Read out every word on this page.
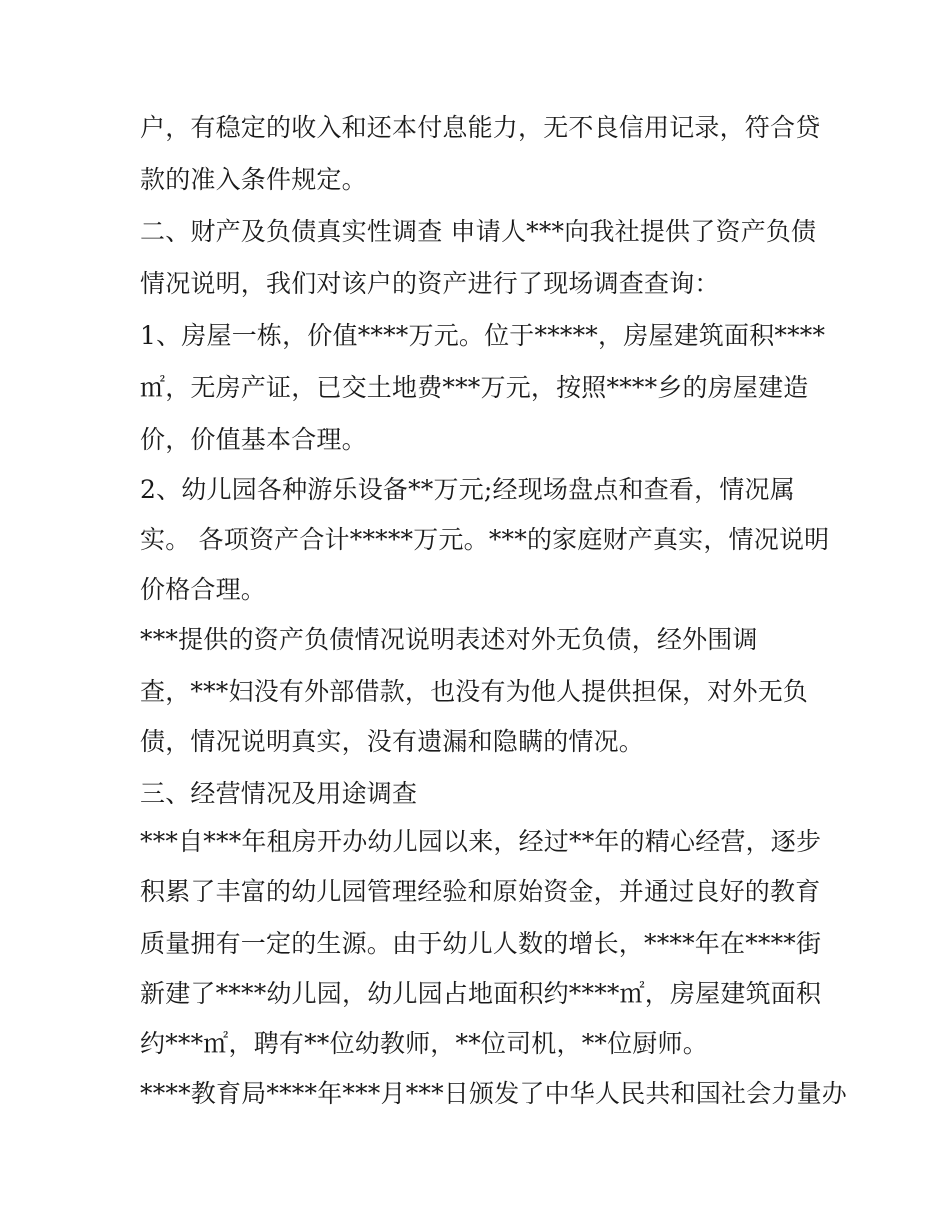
户，有稳定的收入和还本付息能力，无不良信用记录，符合贷
款的准入条件规定。
二、财产及负债真实性调查 申请人***向我社提供了资产负债
情况说明，我们对该户的资产进行了现场调查查询：
1、房屋一栋，价值****万元。位于*****，房屋建筑面积****
㎡，无房产证，已交土地费***万元，按照****乡的房屋建造
价，价值基本合理。
2、幼儿园各种游乐设备**万元;经现场盘点和查看，情况属
实。 各项资产合计*****万元。***的家庭财产真实，情况说明
价格合理。
***提供的资产负债情况说明表述对外无负债，经外围调
查，***妇没有外部借款，也没有为他人提供担保，对外无负
债，情况说明真实，没有遗漏和隐瞒的情况。
三、经营情况及用途调查
***自***年租房开办幼儿园以来，经过**年的精心经营，逐步
积累了丰富的幼儿园管理经验和原始资金，并通过良好的教育
质量拥有一定的生源。由于幼儿人数的增长，****年在****街
新建了****幼儿园，幼儿园占地面积约****㎡，房屋建筑面积
约***㎡，聘有**位幼教师，**位司机，**位厨师。
****教育局****年***月***日颁发了中华人民共和国社会力量办
